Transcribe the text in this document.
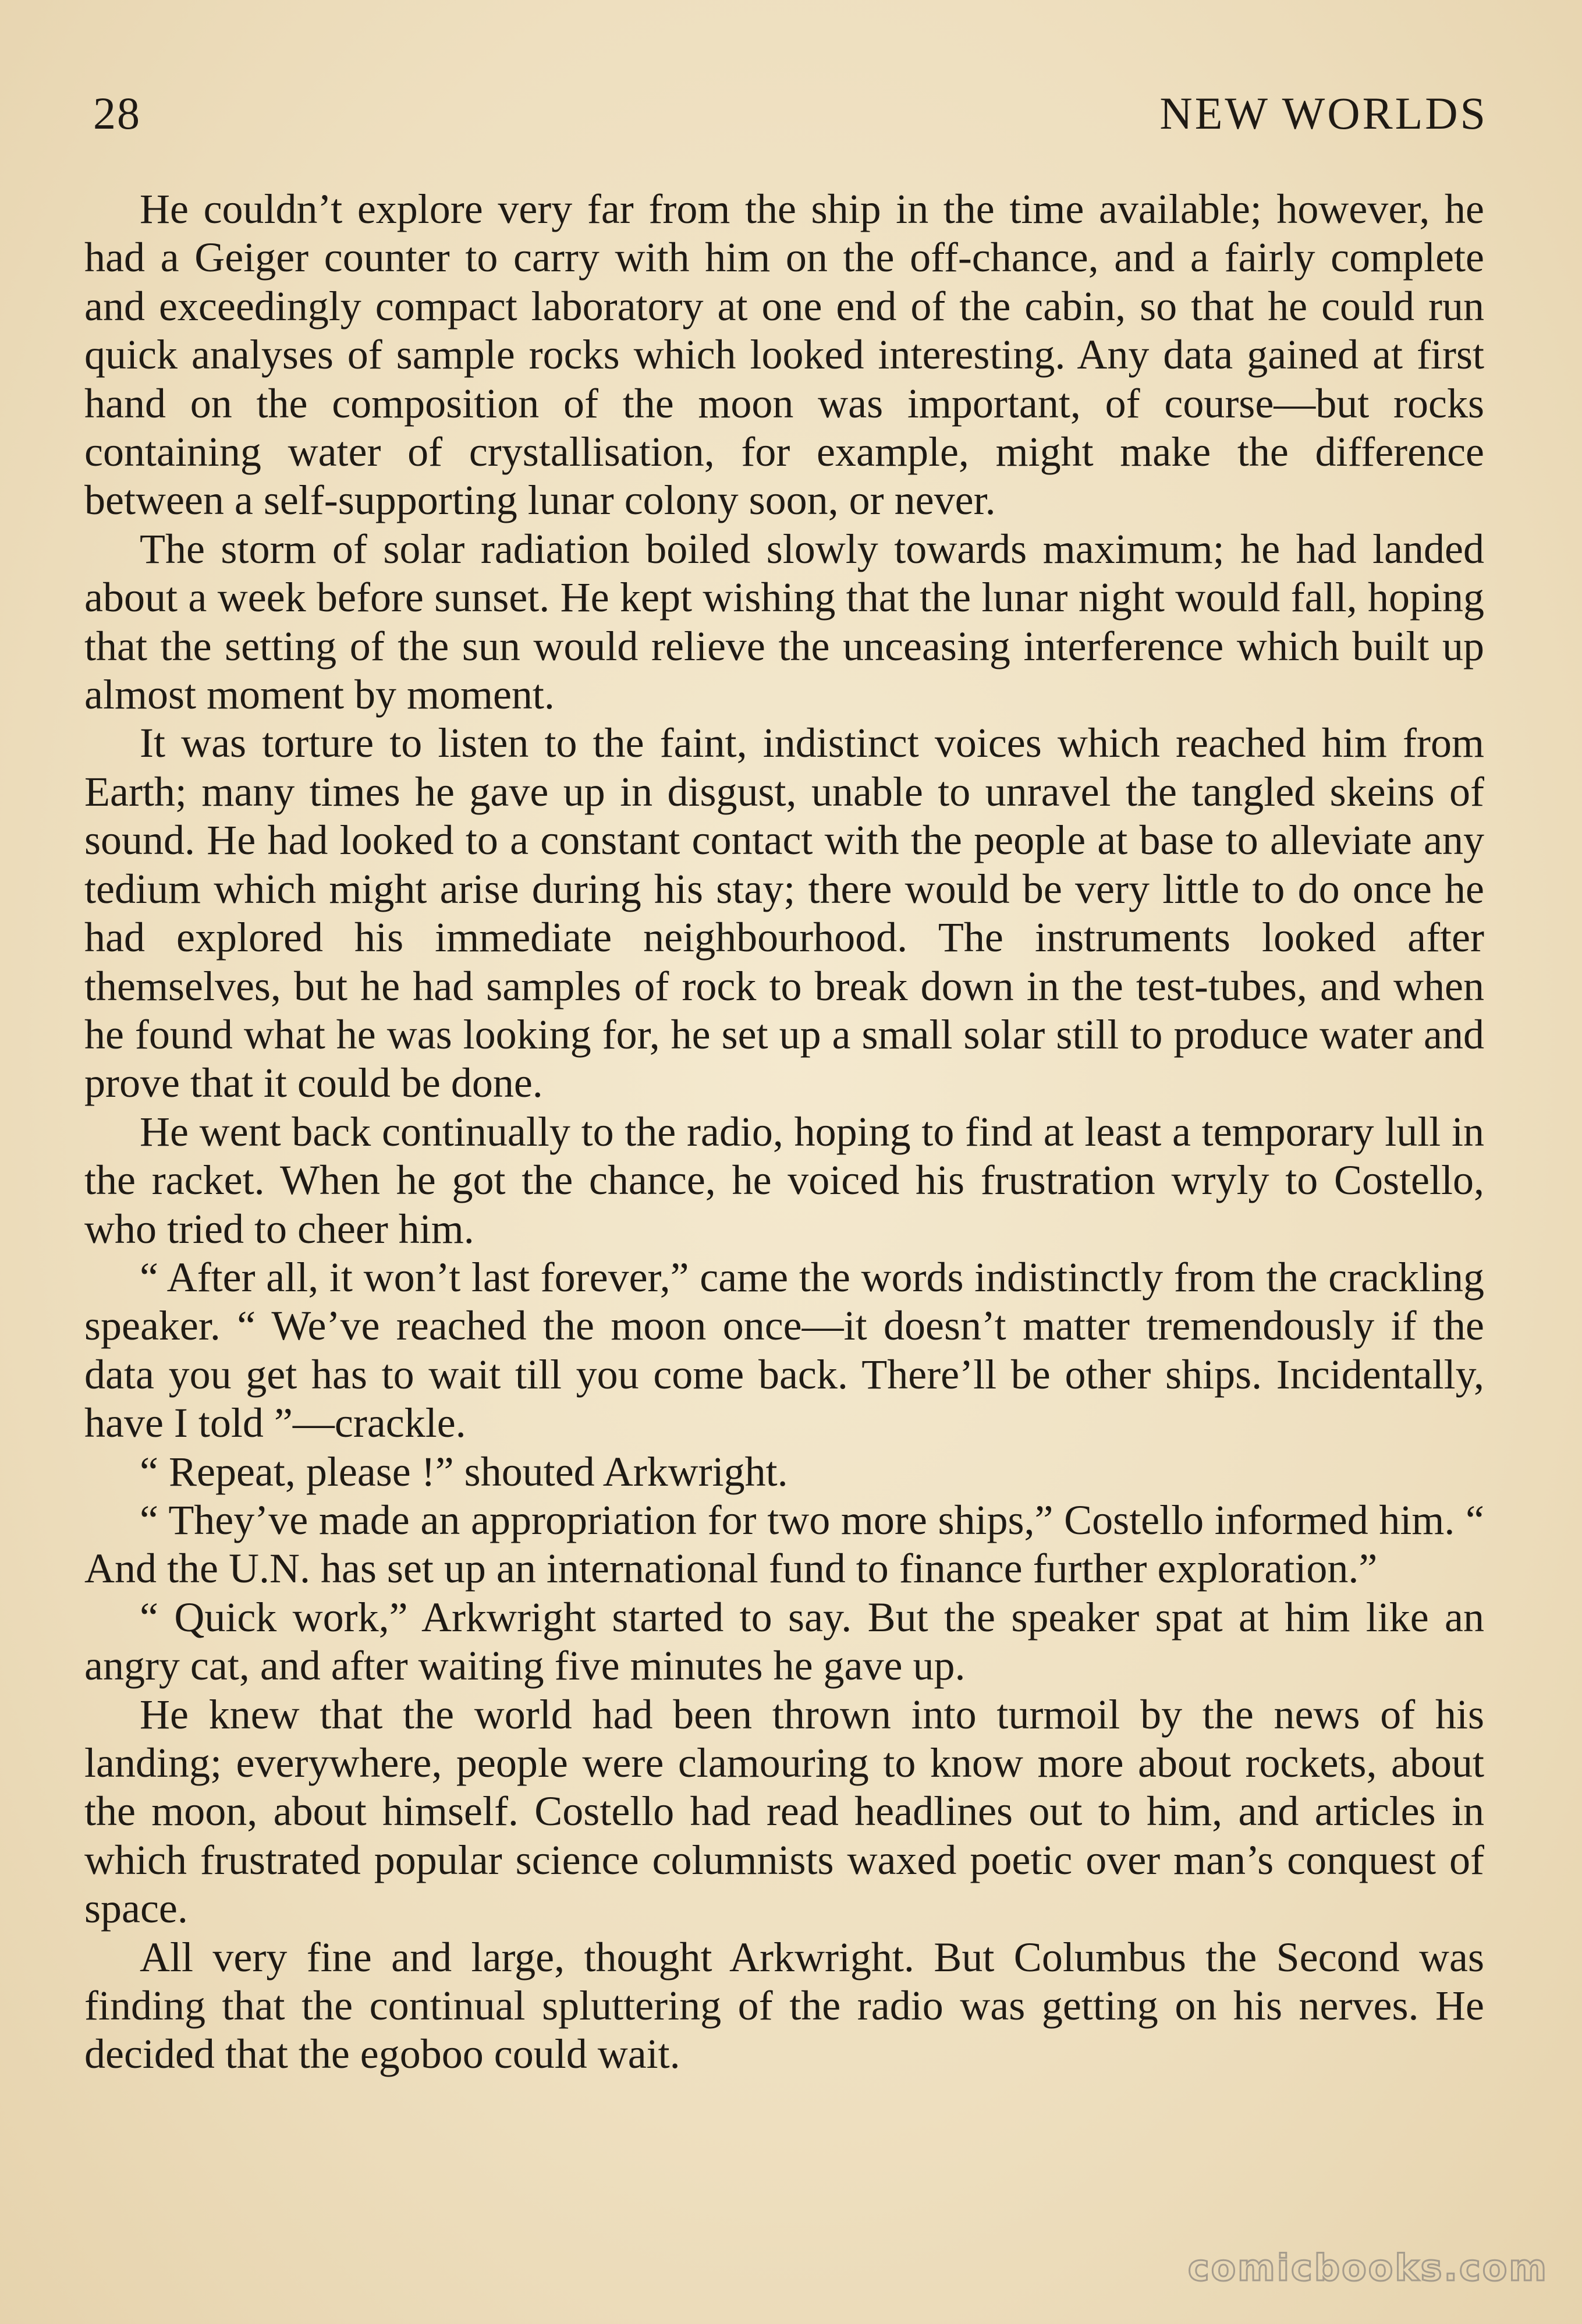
28	NEW WORLDS

He couldn’t explore very far from the ship in the time available; however, he had a Geiger counter to carry with him on the off-chance, and a fairly complete and exceedingly compact laboratory at one end of the cabin, so that he could run quick analyses of sample rocks which looked interesting. Any data gained at first hand on the composition of the moon was important, of course—but rocks containing water of crystallisation, for example, might make the difference between a self-supporting lunar colony soon, or never.

The storm of solar radiation boiled slowly towards maximum; he had landed about a week before sunset. He kept wishing that the lunar night would fall, hoping that the setting of the sun would relieve the unceasing interference which built up almost moment by moment.

It was torture to listen to the faint, indistinct voices which reached him from Earth; many times he gave up in disgust, unable to unravel the tangled skeins of sound. He had looked to a constant contact with the people at base to alleviate any tedium which might arise during his stay; there would be very little to do once he had explored his immediate neighbourhood. The instruments looked after themselves, but he had samples of rock to break down in the test-tubes, and when he found what he was looking for, he set up a small solar still to produce water and prove that it could be done.

He went back continually to the radio, hoping to find at least a temporary lull in the racket. When he got the chance, he voiced his frustration wryly to Costello, who tried to cheer him.

“ After all, it won’t last forever,” came the words indistinctly from the crackling speaker. “ We’ve reached the moon once—it doesn’t matter tremendously if the data you get has to wait till you come back. There’ll be other ships. Incidentally, have I told ”—crackle.

“ Repeat, please !” shouted Arkwright.

“ They’ve made an appropriation for two more ships,” Costello informed him. “ And the U.N. has set up an international fund to finance further exploration.”

“ Quick work,” Arkwright started to say. But the speaker spat at him like an angry cat, and after waiting five minutes he gave up.

He knew that the world had been thrown into turmoil by the news of his landing; everywhere, people were clamouring to know more about rockets, about the moon, about himself. Costello had read headlines out to him, and articles in which frustrated popular science columnists waxed poetic over man’s conquest of space.

All very fine and large, thought Arkwright. But Columbus the Second was finding that the continual spluttering of the radio was getting on his nerves. He decided that the egoboo could wait.

comicbooks.com
